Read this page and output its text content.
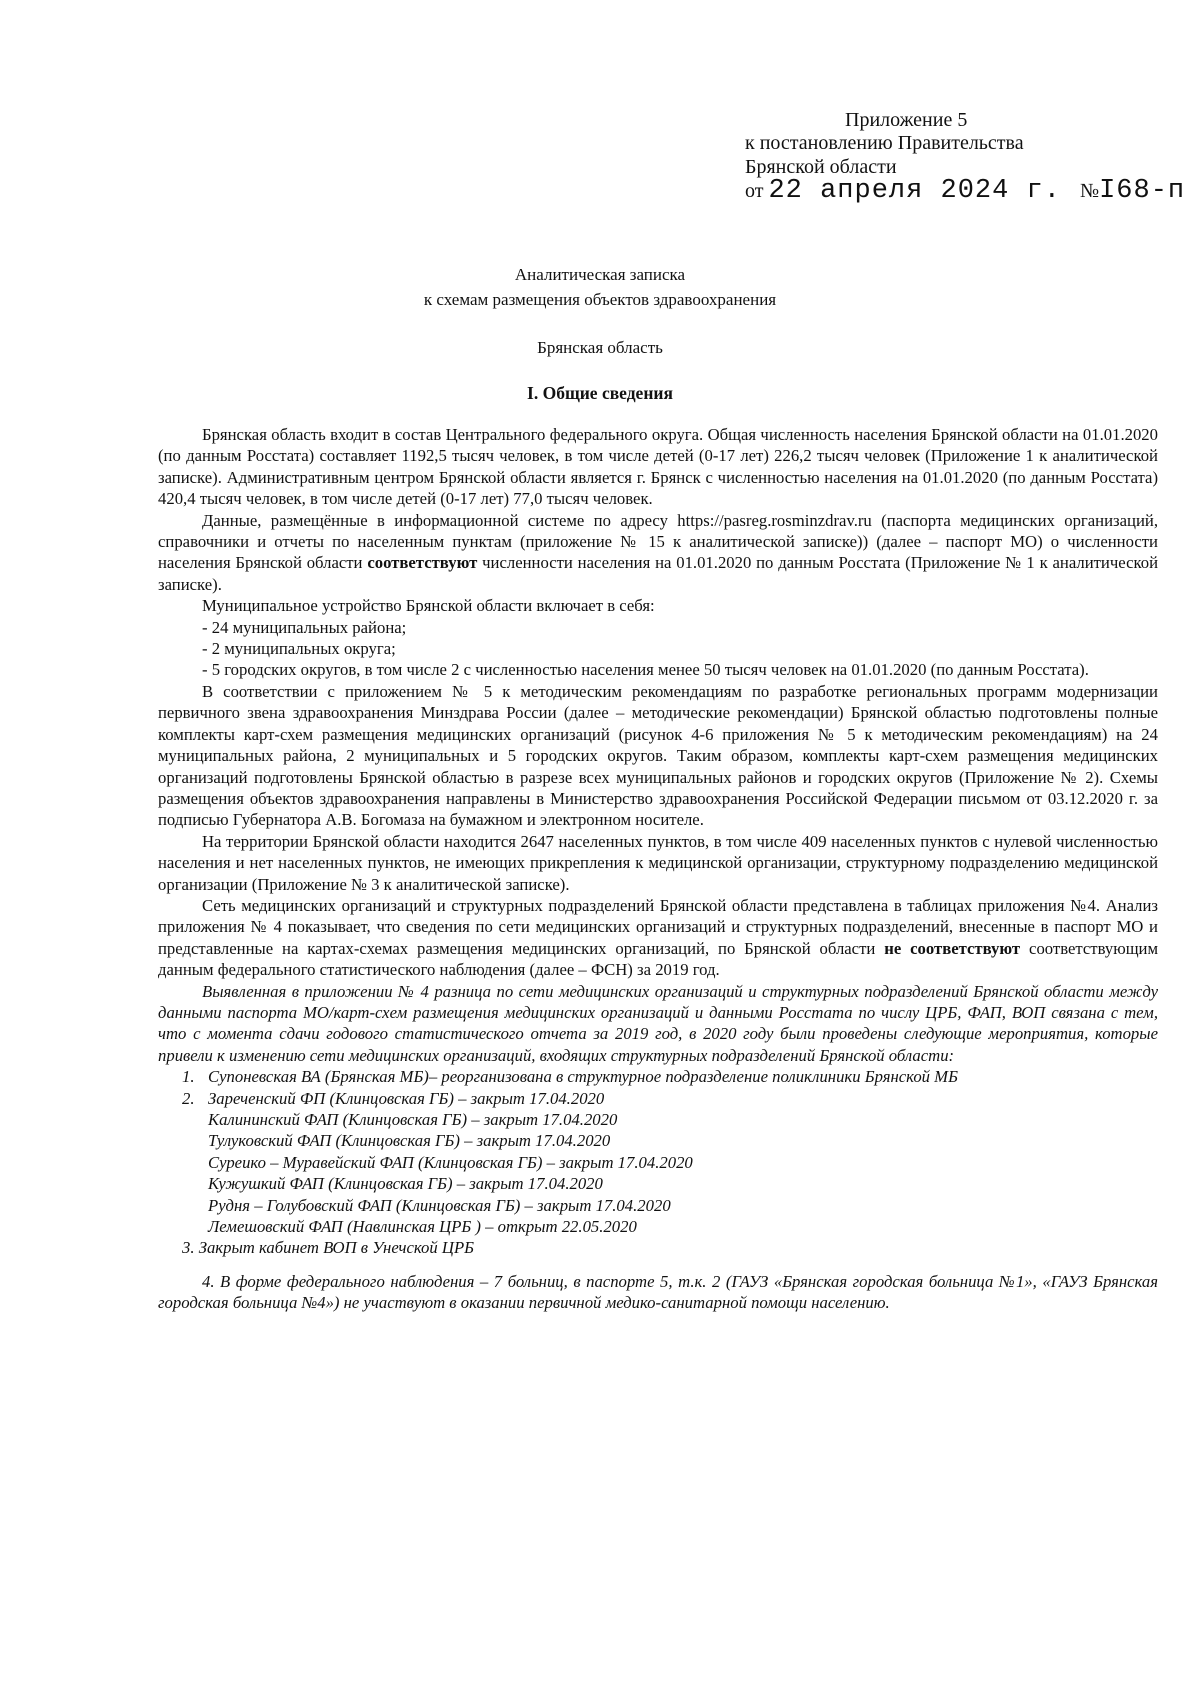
Приложение 5
к постановлению Правительства
Брянской области
от 22 апреля 2024 г. №I68-п
Аналитическая записка
к схемам размещения объектов здравоохранения
Брянская область
I. Общие сведения

Брянская область входит в состав Центрального федерального округа. Общая численность населения Брянской области на 01.01.2020 (по данным Росстата) составляет 1192,5 тысяч человек, в том числе детей (0-17 лет) 226,2 тысяч человек (Приложение 1 к аналитической записке). Административным центром Брянской области является г. Брянск с численностью населения на 01.01.2020 (по данным Росстата) 420,4 тысяч человек, в том числе детей (0-17 лет) 77,0 тысяч человек.

Данные, размещённые в информационной системе по адресу https://pasreg.rosminzdrav.ru (паспорта медицинских организаций, справочники и отчеты по населенным пунктам (приложение № 15 к аналитической записке)) (далее – паспорт МО) о численности населения Брянской области соответствуют численности населения на 01.01.2020 по данным Росстата (Приложение № 1 к аналитической записке).

Муниципальное устройство Брянской области включает в себя:

- 24 муниципальных района;

- 2 муниципальных округа;

- 5 городских округов, в том числе 2 с численностью населения менее 50 тысяч человек на 01.01.2020 (по данным Росстата).

В соответствии с приложением № 5 к методическим рекомендациям по разработке региональных программ модернизации первичного звена здравоохранения Минздрава России (далее – методические рекомендации) Брянской областью подготовлены полные комплекты карт-схем размещения медицинских организаций (рисунок 4-6 приложения № 5 к методическим рекомендациям) на 24 муниципальных района, 2 муниципальных и 5 городских округов. Таким образом, комплекты карт-схем размещения медицинских организаций подготовлены Брянской областью в разрезе всех муниципальных районов и городских округов (Приложение № 2). Схемы размещения объектов здравоохранения направлены в Министерство здравоохранения Российской Федерации письмом от 03.12.2020 г. за подписью Губернатора А.В. Богомаза на бумажном и электронном носителе.

На территории Брянской области находится 2647 населенных пунктов, в том числе 409 населенных пунктов с нулевой численностью населения и нет населенных пунктов, не имеющих прикрепления к медицинской организации, структурному подразделению медицинской организации (Приложение № 3 к аналитической записке).

Сеть медицинских организаций и структурных подразделений Брянской области представлена в таблицах приложения №4. Анализ приложения № 4 показывает, что сведения по сети медицинских организаций и структурных подразделений, внесенные в паспорт МО и представленные на картах-схемах размещения медицинских организаций, по Брянской области не соответствуют соответствующим данным федерального статистического наблюдения (далее – ФСН) за 2019 год.

Выявленная в приложении № 4 разница по сети медицинских организаций и структурных подразделений Брянской области между данными паспорта МО/карт-схем размещения медицинских организаций и данными Росстата по числу ЦРБ, ФАП, ВОП связана с тем, что с момента сдачи годового статистического отчета за 2019 год, в 2020 году были проведены следующие мероприятия, которые привели к изменению сети медицинских организаций, входящих структурных подразделений Брянской области:

1. Супоневская ВА (Брянская МБ)– реорганизована в структурное подразделение поликлиники Брянской МБ
2. Зареченский ФП (Клинцовская ГБ) – закрыт 17.04.2020
Калининский ФАП (Клинцовская ГБ) – закрыт 17.04.2020
Тулуковский ФАП (Клинцовская ГБ) – закрыт 17.04.2020
Суреико – Муравейский ФАП (Клинцовская ГБ) – закрыт 17.04.2020
Кужушкий ФАП (Клинцовская ГБ) – закрыт 17.04.2020
Рудня – Голубовский ФАП (Клинцовская ГБ) – закрыт 17.04.2020
Лемешовский ФАП (Навлинская ЦРБ ) – открыт 22.05.2020
3. Закрыт кабинет ВОП в Унечской ЦРБ

4. В форме федерального наблюдения – 7 больниц, в паспорте 5, т.к. 2 (ГАУЗ «Брянская городская больница №1», «ГАУЗ Брянская городская больница №4») не участвуют в оказании первичной медико-санитарной помощи населению.
